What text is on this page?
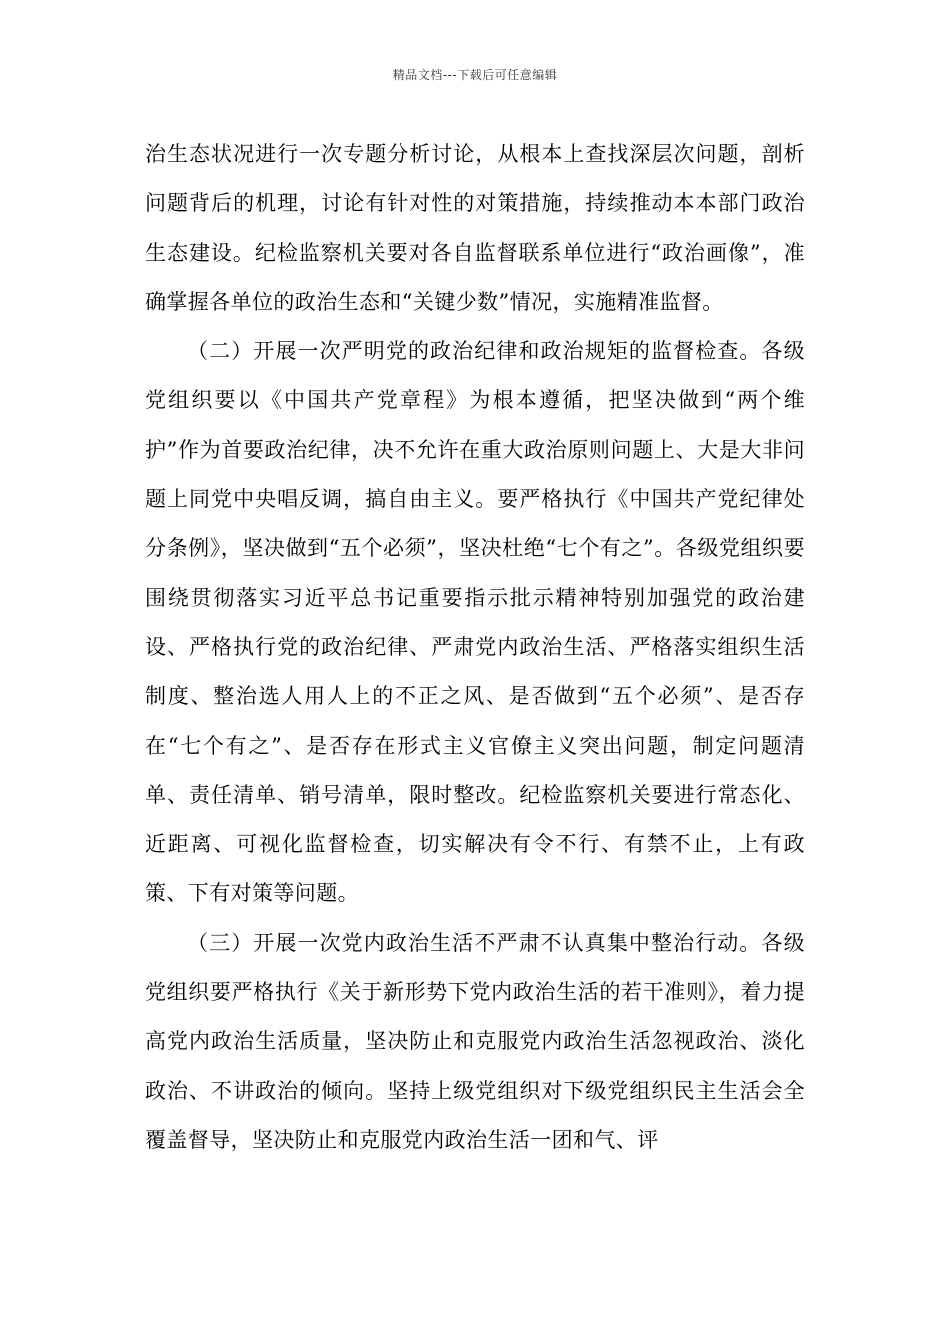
精品文档---下载后可任意编辑

治生态状况进行一次专题分析讨论，从根本上查找深层次问题，剖析问题背后的机理，讨论有针对性的对策措施，持续推动本本部门政治生态建设。纪检监察机关要对各自监督联系单位进行“政治画像”，准确掌握各单位的政治生态和“关键少数”情况，实施精准监督。

（二）开展一次严明党的政治纪律和政治规矩的监督检查。各级党组织要以《中国共产党章程》为根本遵循，把坚决做到“两个维护”作为首要政治纪律，决不允许在重大政治原则问题上、大是大非问题上同党中央唱反调，搞自由主义。要严格执行《中国共产党纪律处分条例》，坚决做到“五个必须”，坚决杜绝“七个有之”。各级党组织要围绕贯彻落实习近平总书记重要指示批示精神特别加强党的政治建设、严格执行党的政治纪律、严肃党内政治生活、严格落实组织生活制度、整治选人用人上的不正之风、是否做到“五个必须”、是否存在“七个有之”、是否存在形式主义官僚主义突出问题，制定问题清单、责任清单、销号清单，限时整改。纪检监察机关要进行常态化、近距离、可视化监督检查，切实解决有令不行、有禁不止，上有政策、下有对策等问题。

（三）开展一次党内政治生活不严肃不认真集中整治行动。各级党组织要严格执行《关于新形势下党内政治生活的若干准则》，着力提高党内政治生活质量，坚决防止和克服党内政治生活忽视政治、淡化政治、不讲政治的倾向。坚持上级党组织对下级党组织民主生活会全覆盖督导，坚决防止和克服党内政治生活一团和气、评
